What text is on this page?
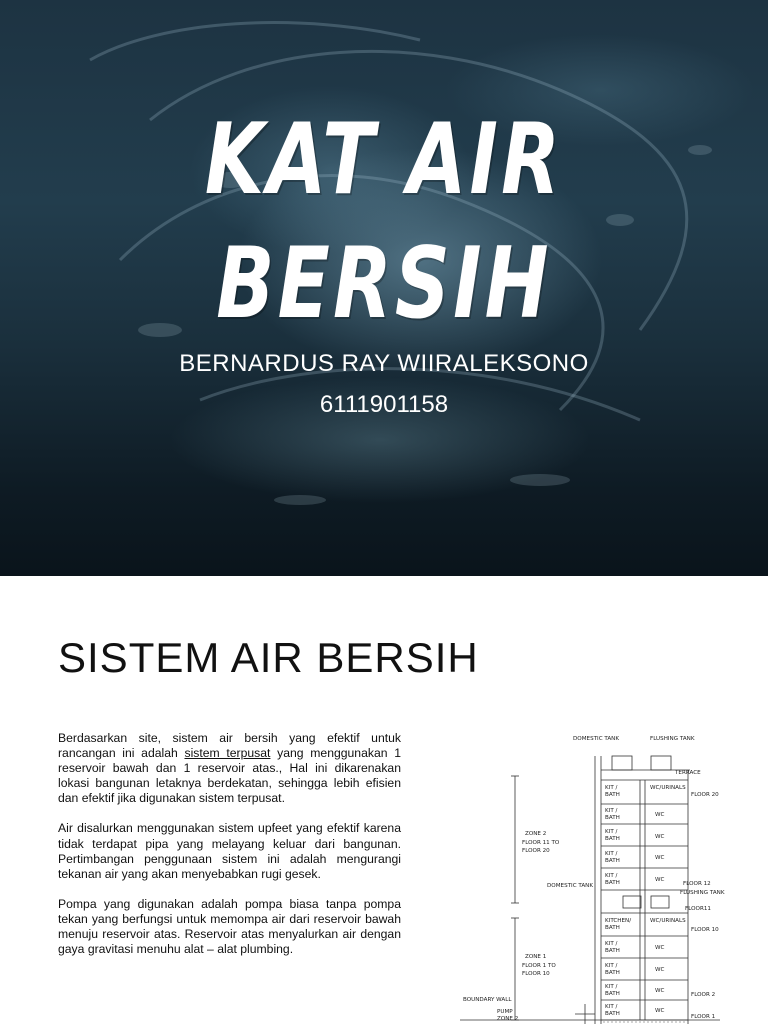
KAT AIR
BERSIH
BERNARDUS RAY WIIRALEKSONO
6111901158
SISTEM AIR BERSIH

Berdasarkan site, sistem air bersih yang efektif untuk rancangan ini adalah sistem terpusat yang menggunakan 1 reservoir bawah dan 1 reservoir atas., Hal ini dikarenakan lokasi bangunan letaknya berdekatan, sehingga lebih efisien dan efektif jika digunakan sistem terpusat.

Air disalurkan menggunakan sistem upfeet yang efektif karena tidak terdapat pipa yang melayang keluar dari bangunan. Pertimbangan penggunaan sistem ini adalah mengurangi tekanan air yang akan menyebabkan rugi gesek.

Pompa yang digunakan adalah pompa biasa tanpa pompa tekan yang berfungsi untuk memompa air dari reservoir bawah menuju reservoir atas. Reservoir atas menyalurkan air dengan gaya gravitasi menuhu alat – alat plumbing.

DOMESTIC TANK	FLUSHING TANK
TERRACE
FLOOR 20
ZONE 2
FLOOR 11 TO
FLOOR 20
DOMESTIC TANK
FLUSHING TANK
FLOOR 12
FLOOR11
FLOOR 10
ZONE 1
FLOOR 1 TO
FLOOR 10
FLOOR 2
FLOOR 1
BOUNDARY WALL
PUMP
ZONE 2
KIT /
BATH
WC/URINALS
KIT /
BATH	WC
KIT /
BATH	WC
KIT /
BATH	WC
KIT /
BATH	WC
KITCHEN/
BATH
WC/URINALS
KIT /
BATH	WC
KIT /
BATH	WC
KIT /
BATH	WC
KIT /
BATH	WC
